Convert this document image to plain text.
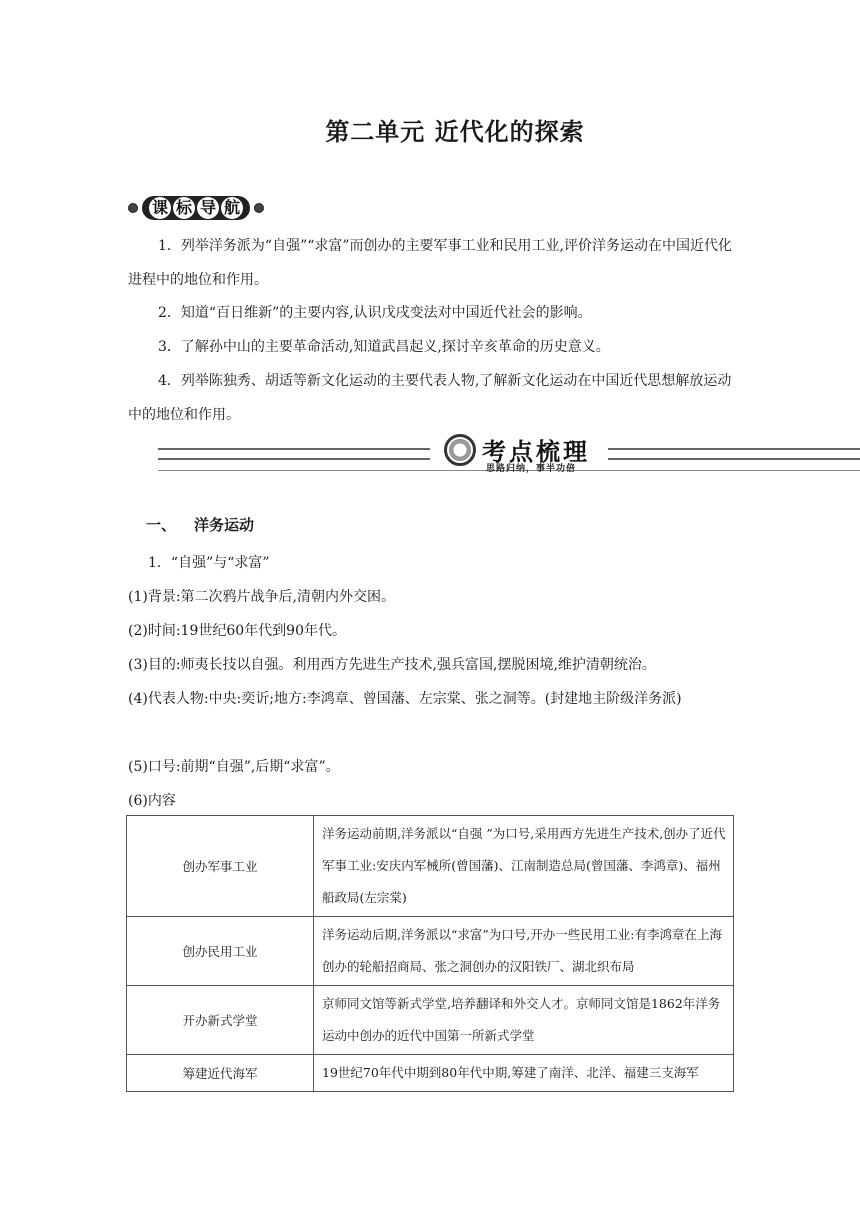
第二单元 近代化的探索
课 标 导 航

1．列举洋务派为“自强”“求富”而创办的主要军事工业和民用工业,评价洋务运动在中国近代化进程中的地位和作用。

2．知道“百日维新”的主要内容,认识戊戌变法对中国近代社会的影响。

3．了解孙中山的主要革命活动,知道武昌起义,探讨辛亥革命的历史意义。

4．列举陈独秀、胡适等新文化运动的主要代表人物,了解新文化运动在中国近代思想解放运动中的地位和作用。

考点梳理
思路归纳，事半功倍
一、 洋务运动

1．“自强”与“求富”

(1)背景:第二次鸦片战争后,清朝内外交困。

(2)时间:19世纪60年代到90年代。

(3)目的:师夷长技以自强。利用西方先进生产技术,强兵富国,摆脱困境,维护清朝统治。

(4)代表人物:中央:奕䜣;地方:李鸿章、曾国藩、左宗棠、张之洞等。(封建地主阶级洋务派)

(5)口号:前期“自强”,后期“求富”。

(6)内容

创办军事工业	洋务运动前期,洋务派以“自强 ”为口号,采用西方先进生产技术,创办了近代军事工业:安庆内军械所(曾国藩)、江南制造总局(曾国藩、李鸿章)、福州船政局(左宗棠)
创办民用工业	洋务运动后期,洋务派以“求富”为口号,开办一些民用工业:有李鸿章在上海创办的轮船招商局、张之洞创办的汉阳铁厂、湖北织布局
开办新式学堂	京师同文馆等新式学堂,培养翻译和外交人才。京师同文馆是1862年洋务运动中创办的近代中国第一所新式学堂
筹建近代海军	19世纪70年代中期到80年代中期,筹建了南洋、北洋、福建三支海军
